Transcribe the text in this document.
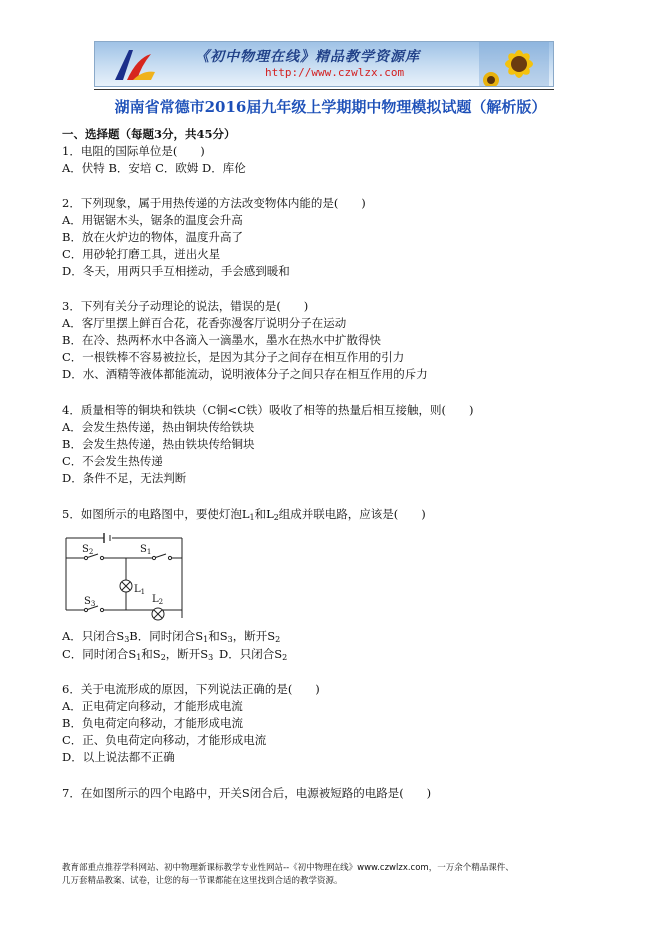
《初中物理在线》精品教学资源库
http://www.czwlzx.com
湖南省常德市2016届九年级上学期期中物理模拟试题（解析版）
一、选择题（每题3分，共45分）
1．电阻的国际单位是(　　)
A．伏特 B．安培 C．欧姆 D．库伦
2．下列现象，属于用热传递的方法改变物体内能的是(　　)
A．用锯锯木头，锯条的温度会升高
B．放在火炉边的物体，温度升高了
C．用砂轮打磨工具，迸出火星
D．冬天，用两只手互相搓动，手会感到暖和
3．下列有关分子动理论的说法，错误的是(　　)
A．客厅里摆上鲜百合花，花香弥漫客厅说明分子在运动
B．在冷、热两杯水中各滴入一滴墨水，墨水在热水中扩散得快
C．一根铁棒不容易被拉长，是因为其分子之间存在相互作用的引力
D．水、酒精等液体都能流动，说明液体分子之间只存在相互作用的斥力
4．质量相等的铜块和铁块（C铜<C铁）吸收了相等的热量后相互接触，则(　　)
A．会发生热传递，热由铜块传给铁块
B．会发生热传递，热由铁块传给铜块
C．不会发生热传递
D．条件不足，无法判断
5．如图所示的电路图中，要使灯泡$L_1$和$L_2$组成并联电路，应该是(　　)
$S_2$	$S_1$
$L_1$
$S_3$	$L_2$
A．只闭合$S_3B$．同时闭合$S_1$和$S_3$，断开$S_2$
C．同时闭合$S_1$和$S_2$，断开$S_3$  D．只闭合$S_2$
6．关于电流形成的原因，下列说法正确的是(　　)
A．正电荷定向移动，才能形成电流
B．负电荷定向移动，才能形成电流
C．正、负电荷定向移动，才能形成电流
D．以上说法都不正确
7．在如图所示的四个电路中，开关S闭合后，电源被短路的电路是(　　)
教育部重点推荐学科网站、初中物理新课标教学专业性网站--《初中物理在线》www.czwlzx.com，一万余个精品课件、
几万套精品教案、试卷，让您的每一节课都能在这里找到合适的教学资源。
